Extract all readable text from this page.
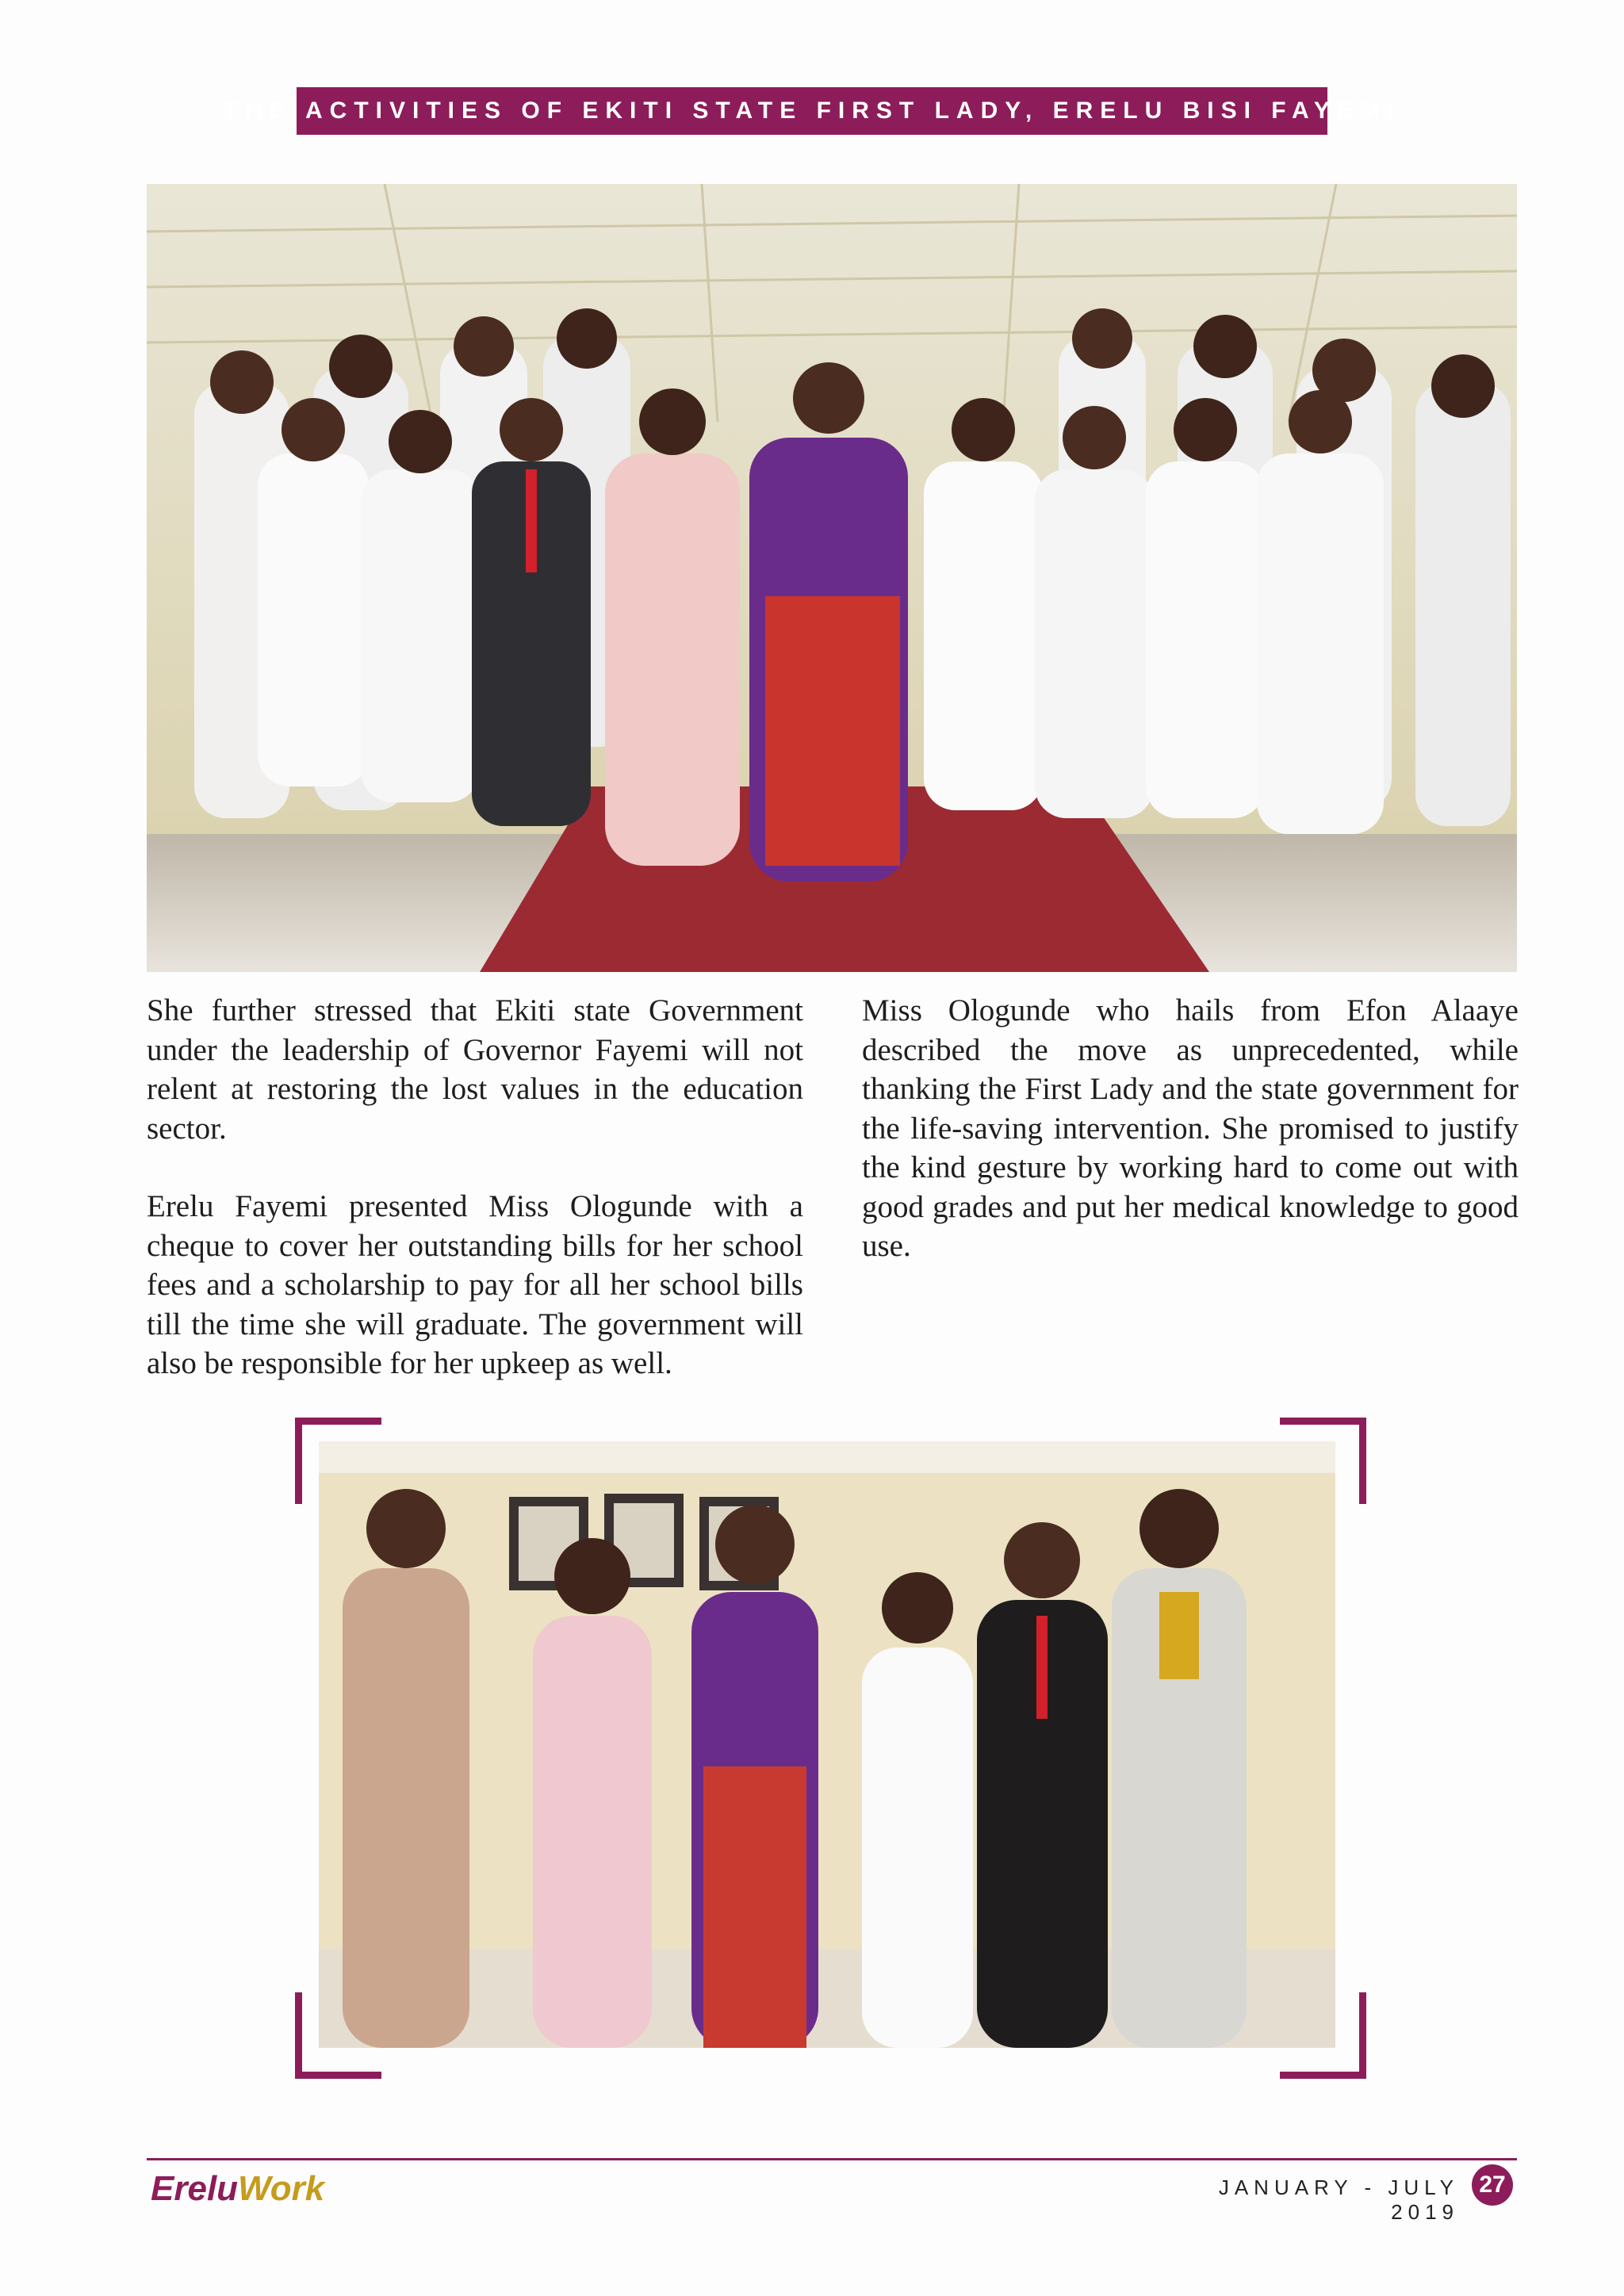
THE ACTIVITIES OF EKITI STATE FIRST LADY, ERELU BISI FAYEMI

She further stressed that Ekiti state Government under the leadership of Governor Fayemi will not relent at restoring the lost values in the education sector.

Erelu Fayemi presented Miss Ologunde with a cheque to cover her outstanding bills for her school fees and a scholarship to pay for all her school bills till the time she will graduate. The government will also be responsible for her upkeep as well.

Miss Ologunde who hails from Efon Alaaye described the move as unprecedented, while thanking the First Lady and the state government for the life-saving intervention. She promised to justify the kind gesture by working hard to come out with good grades and put her medical knowledge to good use.

Erelu Work	JANUARY - JULY 2019
27
